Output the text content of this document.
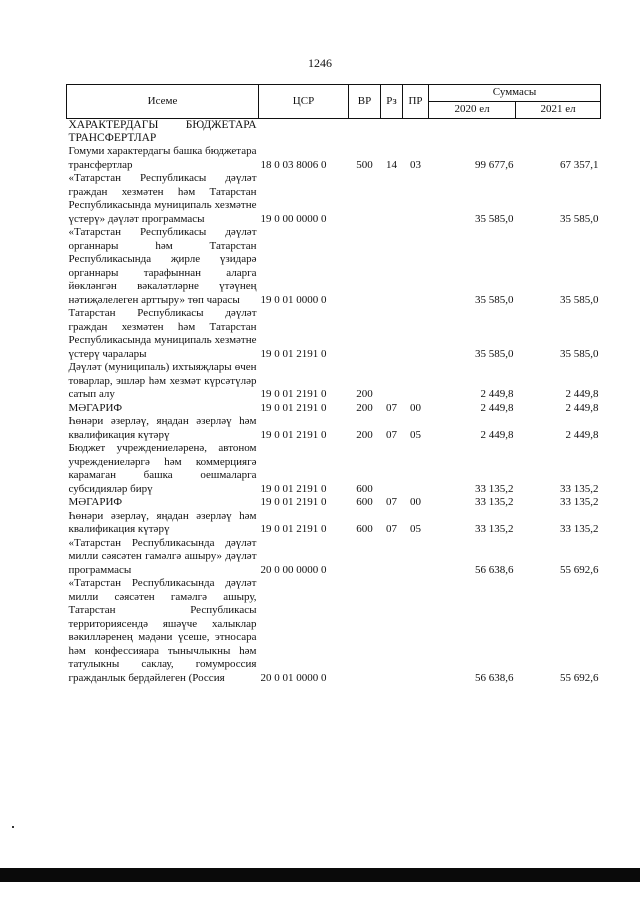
1246
Исеме	ЦСР	ВР	Рз	ПР	Суммасы	
					2020 ел	2021 ел
ХАРАКТЕРДАГЫ БЮДЖЕТАРА ТРАНСФЕРТЛАР						
Гомуми характердагы башка бюджетара трансфертлар	18 0 03 8006 0	500	14	03	99 677,6	67 357,1
«Татарстан Республикасы дәүләт граждан хезмәтен һәм Татарстан Республикасында муниципаль хезмәтне үстерү» дәүләт программасы	19 0 00 0000 0				35 585,0	35 585,0
«Татарстан Республикасы дәүләт органнары һәм Татарстан Республикасында җирле үзидарә органнары тарафыннан аларга йөкләнгән вәкаләтләрне үтәүнең нәтиҗәлелеген арттыру» төп чарасы	19 0 01 0000 0				35 585,0	35 585,0
Татарстан Республикасы дәүләт граждан хезмәтен һәм Татарстан Республикасында муниципаль хезмәтне үстерү чаралары	19 0 01 2191 0				35 585,0	35 585,0
Дәүләт (муниципаль) ихтыяҗлары өчен товарлар, эшләр һәм хезмәт күрсәтүләр сатып алу	19 0 01 2191 0	200			2 449,8	2 449,8
МӘГАРИФ	19 0 01 2191 0	200	07	00	2 449,8	2 449,8
Һөнәри әзерләү, яңадан әзерләү һәм квалификация күтәрү	19 0 01 2191 0	200	07	05	2 449,8	2 449,8
Бюджет учреждениеләренә, автоном учреждениеләргә һәм коммерциягә карамаган башка оешмаларга субсидияләр бирү	19 0 01 2191 0	600			33 135,2	33 135,2
МӘГАРИФ	19 0 01 2191 0	600	07	00	33 135,2	33 135,2
Һөнәри әзерләү, яңадан әзерләү һәм квалификация күтәрү	19 0 01 2191 0	600	07	05	33 135,2	33 135,2
«Татарстан Республикасында дәүләт милли сәясәтен гамәлгә ашыру» дәүләт программасы	20 0 00 0000 0				56 638,6	55 692,6
«Татарстан Республикасында дәүләт милли сәясәтен гамәлгә ашыру, Татарстан Республикасы территориясендә яшәүче халыклар вәкилләренең мәдәни үсеше, этносара һәм конфессияара тынычлыкны һәм татулыкны саклау, гомумроссия гражданлык бердәйлеген (Россия	20 0 01 0000 0				56 638,6	55 692,6
